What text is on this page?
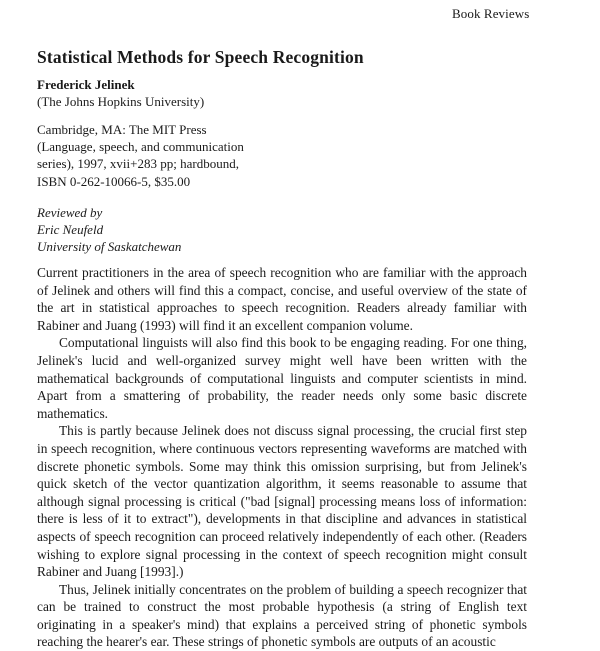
Book Reviews
Statistical Methods for Speech Recognition
Frederick Jelinek
(The Johns Hopkins University)
Cambridge, MA: The MIT Press
(Language, speech, and communication
series), 1997, xvii+283 pp; hardbound,
ISBN 0-262-10066-5, $35.00
Reviewed by
Eric Neufeld
University of Saskatchewan

Current practitioners in the area of speech recognition who are familiar with the approach of Jelinek and others will find this a compact, concise, and useful overview of the state of the art in statistical approaches to speech recognition. Readers already familiar with Rabiner and Juang (1993) will find it an excellent companion volume.

Computational linguists will also find this book to be engaging reading. For one thing, Jelinek's lucid and well-organized survey might well have been written with the mathematical backgrounds of computational linguists and computer scientists in mind. Apart from a smattering of probability, the reader needs only some basic discrete mathematics.

This is partly because Jelinek does not discuss signal processing, the crucial first step in speech recognition, where continuous vectors representing waveforms are matched with discrete phonetic symbols. Some may think this omission surprising, but from Jelinek's quick sketch of the vector quantization algorithm, it seems reasonable to assume that although signal processing is critical ("bad [signal] processing means loss of information: there is less of it to extract"), developments in that discipline and advances in statistical aspects of speech recognition can proceed relatively independently of each other. (Readers wishing to explore signal processing in the context of speech recognition might consult Rabiner and Juang [1993].)

Thus, Jelinek initially concentrates on the problem of building a speech recognizer that can be trained to construct the most probable hypothesis (a string of English text originating in a speaker's mind) that explains a perceived string of phonetic symbols reaching the hearer's ear. These strings of phonetic symbols are outputs of an acoustic
